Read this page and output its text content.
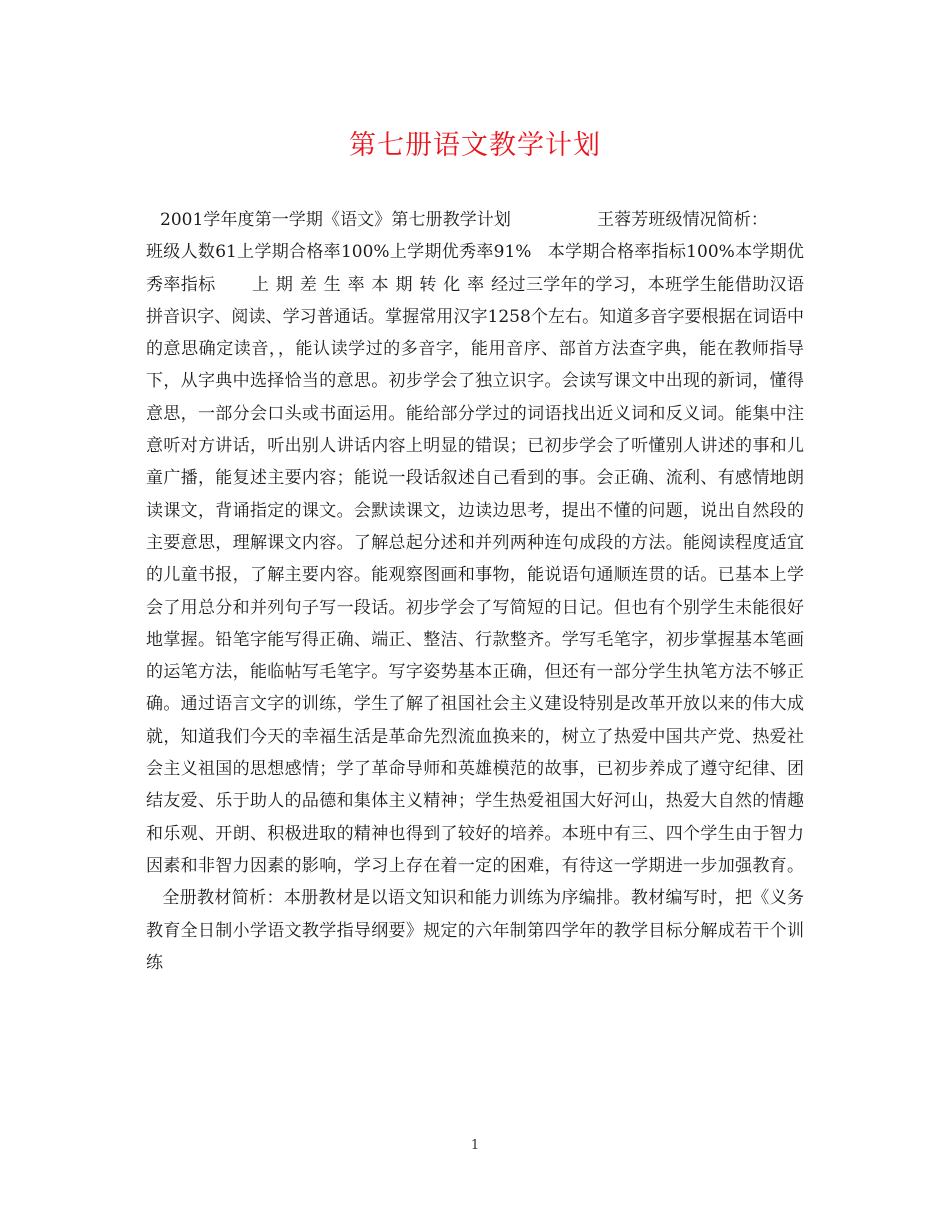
第七册语文教学计划

2001学年度第一学期《语文》第七册教学计划	王蓉芳班级情况简析：班级人数61上学期合格率100%上学期优秀率91% 本学期合格率指标100%本学期优秀率指标 上期差生率本期转化率经过三学年的学习，本班学生能借助汉语拼音识字、阅读、学习普通话。掌握常用汉字1258个左右。知道多音字要根据在词语中的意思确定读音，，能认读学过的多音字，能用音序、部首方法查字典，能在教师指导下，从字典中选择恰当的意思。初步学会了独立识字。会读写课文中出现的新词，懂得意思，一部分会口头或书面运用。能给部分学过的词语找出近义词和反义词。能集中注意听对方讲话，听出别人讲话内容上明显的错误；已初步学会了听懂别人讲述的事和儿童广播，能复述主要内容；能说一段话叙述自己看到的事。会正确、流利、有感情地朗读课文，背诵指定的课文。会默读课文，边读边思考，提出不懂的问题，说出自然段的主要意思，理解课文内容。了解总起分述和并列两种连句成段的方法。能阅读程度适宜的儿童书报，了解主要内容。能观察图画和事物，能说语句通顺连贯的话。已基本上学会了用总分和并列句子写一段话。初步学会了写简短的日记。但也有个别学生未能很好地掌握。铅笔字能写得正确、端正、整洁、行款整齐。学写毛笔字，初步掌握基本笔画的运笔方法，能临帖写毛笔字。写字姿势基本正确，但还有一部分学生执笔方法不够正确。通过语言文字的训练，学生了解了祖国社会主义建设特别是改革开放以来的伟大成就，知道我们今天的幸福生活是革命先烈流血换来的，树立了热爱中国共产党、热爱社会主义祖国的思想感情；学了革命导师和英雄模范的故事，已初步养成了遵守纪律、团结友爱、乐于助人的品德和集体主义精神；学生热爱祖国大好河山，热爱大自然的情趣和乐观、开朗、积极进取的精神也得到了较好的培养。本班中有三、四个学生由于智力因素和非智力因素的影响，学习上存在着一定的困难，有待这一学期进一步加强教育。全册教材简析：本册教材是以语文知识和能力训练为序编排。教材编写时，把《义务教育全日制小学语文教学指导纲要》规定的六年制第四学年的教学目标分解成若干个训练

1
